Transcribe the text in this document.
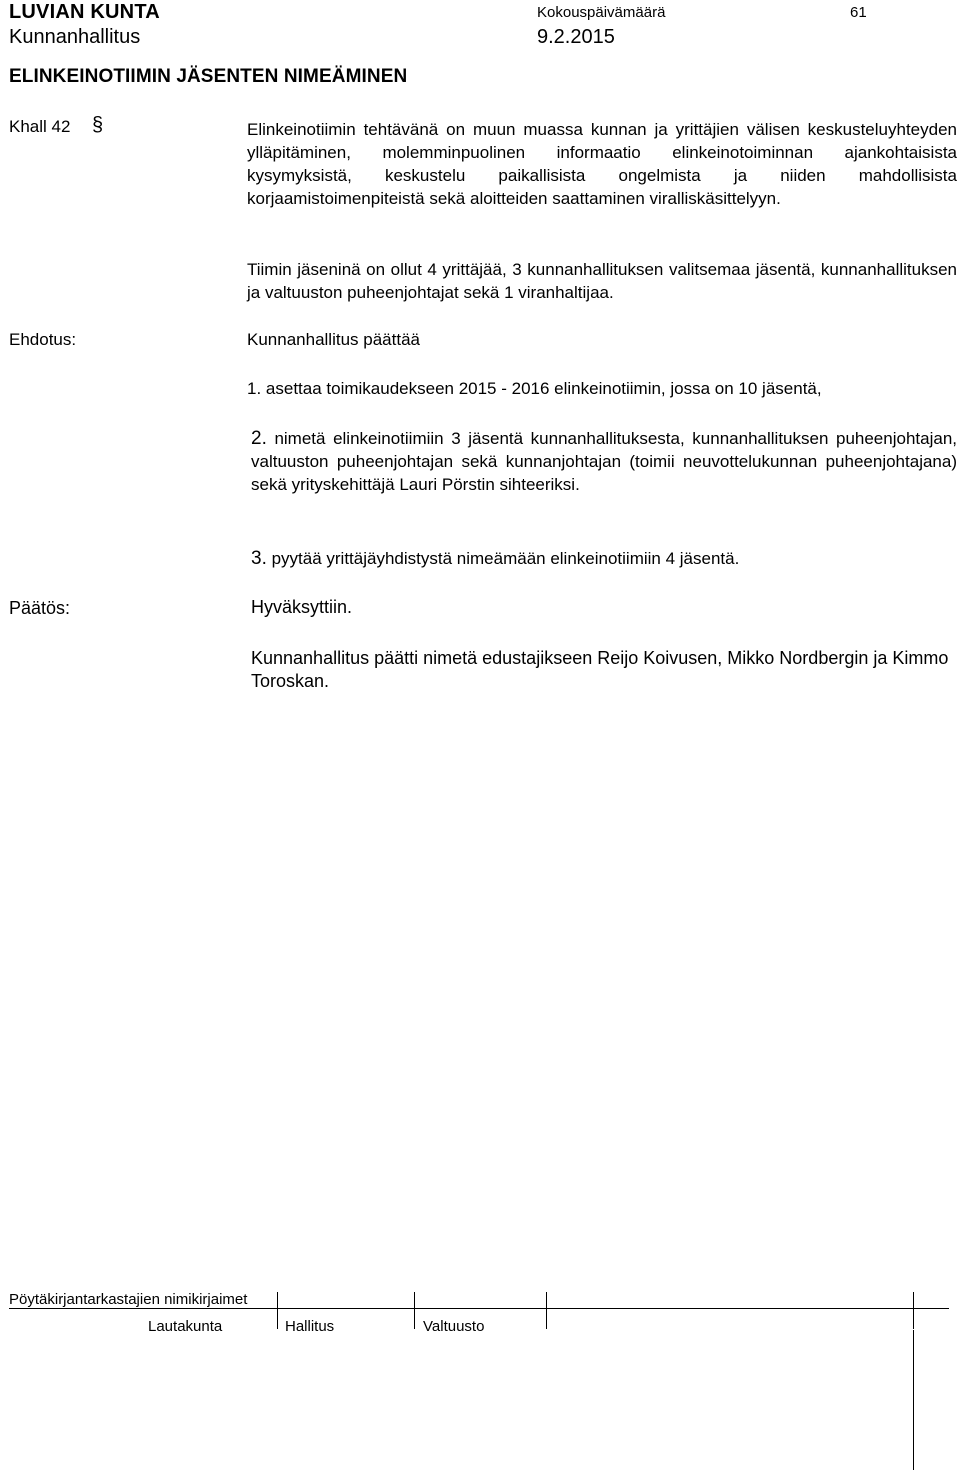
LUVIAN KUNTA
Kunnanhallitus
Kokouspäivämäärä
9.2.2015
61
ELINKEINOTIIMIN JÄSENTEN NIMEÄMINEN
Khall 42 §	Elinkeinotiimin tehtävänä on muun muassa kunnan ja yrittäjien välisen keskusteluyhteyden ylläpitäminen, molemminpuolinen informaatio elinkeinotoiminnan ajankohtaisista kysymyksistä, keskustelu paikallisista ongelmista ja niiden mahdollisista korjaamistoimenpiteistä sekä aloitteiden saattaminen viralliskäsittelyyn.
Tiimin jäseninä on ollut 4 yrittäjää, 3 kunnanhallituksen valitsemaa jäsentä, kunnanhallituksen ja valtuuston puheenjohtajat sekä 1 viranhaltijaa.
Ehdotus:	Kunnanhallitus päättää
1. asettaa toimikaudekseen 2015 - 2016 elinkeinotiimin, jossa on 10 jäsentä,
2. nimetä elinkeinotiimiin 3 jäsentä kunnanhallituksesta, kunnanhallituksen puheenjohtajan, valtuuston puheenjohtajan sekä kunnanjohtajan (toimii neuvottelukunnan puheenjohtajana) sekä yrityskehittäjä Lauri Pörstin sihteeriksi.
3. pyytää yrittäjäyhdistystä nimeämään elinkeinotiimiin 4 jäsentä.
Päätös:	Hyväksyttiin.
Kunnanhallitus päätti nimetä edustajikseen Reijo Koivusen, Mikko Nordbergin ja Kimmo Toroskan.
Pöytäkirjantarkastajien nimikirjaimet
Lautakunta	Hallitus	Valtuusto
